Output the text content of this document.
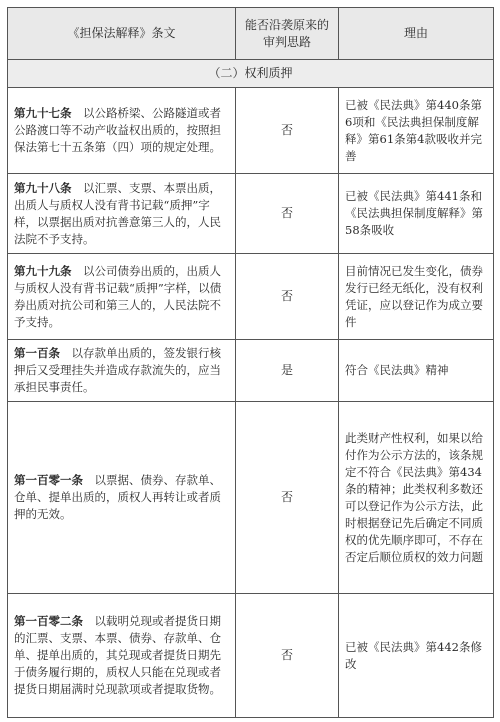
《担保法解释》条文	能否沿袭原来的审判思路	理由
（二）权利质押		
第九十七条　 以公路桥梁、公路隧道或者公路渡口等不动产收益权出质的，按照担保法第七十五条第（四）项的规定处理。	否	已被《民法典》第440条第6项和《民法典担保制度解释》第61条第4款吸收并完善
第九十八条　 以汇票、支票、本票出质，出质人与质权人没有背书记载“质押”字样，以票据出质对抗善意第三人的，人民法院不予支持。	否	已被《民法典》第441条和《民法典担保制度解释》第58条吸收
第九十九条　 以公司债券出质的，出质人与质权人没有背书记载“质押”字样，以债券出质对抗公司和第三人的，人民法院不予支持。	否	目前情况已发生变化，债券发行已经无纸化，没有权利凭证，应以登记作为成立要件
第一百条　 以存款单出质的，签发银行核押后又受理挂失并造成存款流失的，应当承担民事责任。	是	符合《民法典》精神
第一百零一条　 以票据、债券、存款单、仓单、提单出质的，质权人再转让或者质押的无效。	否	此类财产性权利，如果以给付作为公示方法的，该条规定不符合《民法典》第434条的精神；此类权利多数还可以登记作为公示方法，此时根据登记先后确定不同质权的优先顺序即可，不存在否定后顺位质权的效力问题
第一百零二条　 以载明兑现或者提货日期的汇票、支票、本票、债券、存款单、仓单、提单出质的，其兑现或者提货日期先于债务履行期的，质权人只能在兑现或者提货日期届满时兑现款项或者提取货物。	否	已被《民法典》第442条修改
